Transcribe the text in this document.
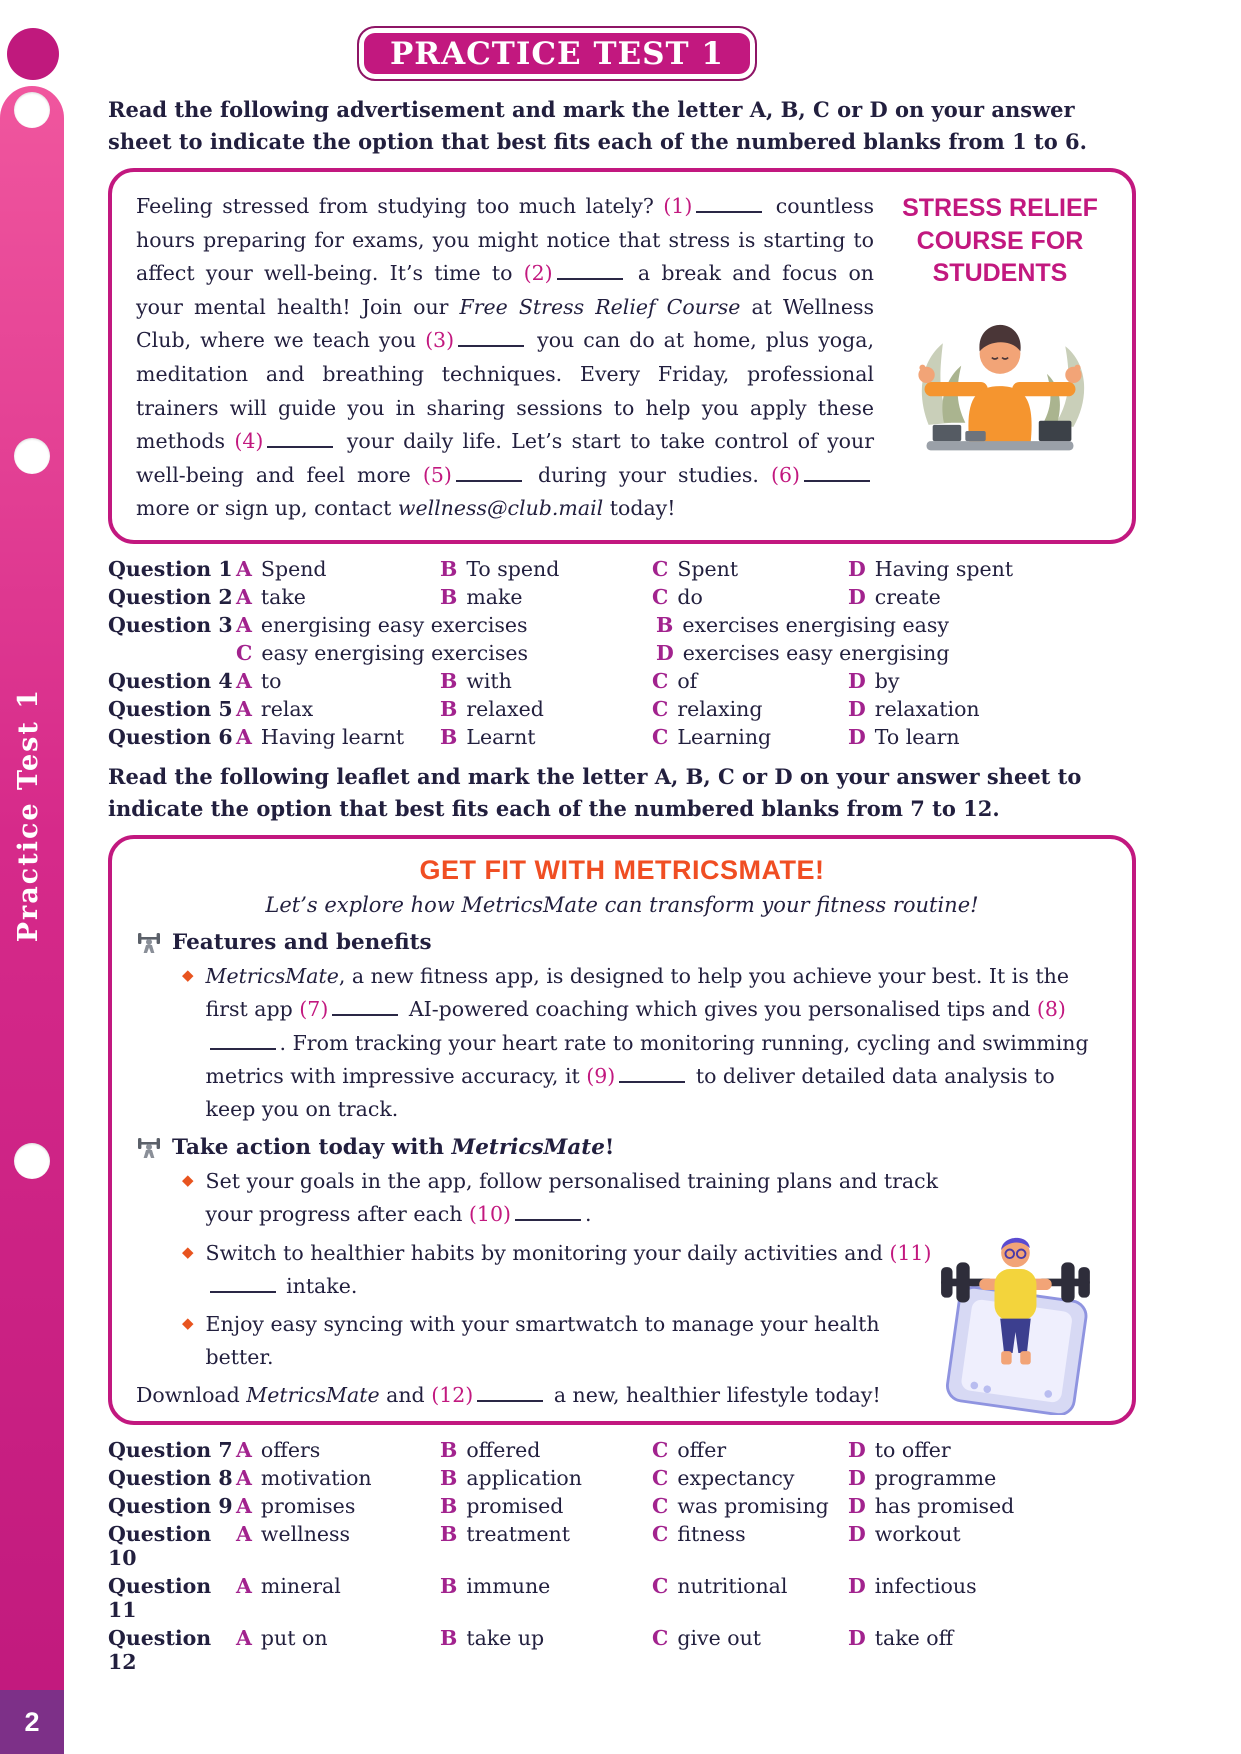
Practice Test 1
2
PRACTICE TEST 1

Read the following advertisement and mark the letter A, B, C or D on your answer sheet to indicate the option that best fits each of the numbered blanks from 1 to 6.

Feeling stressed from studying too much lately? (1)	countless hours preparing for exams, you might notice that stress is starting to affect your well-being. It’s time to (2)	a break and focus on your mental health! Join our Free Stress Relief Course at Wellness Club, where we teach you (3)	you can do at home, plus yoga, meditation and breathing techniques. Every Friday, professional trainers will guide you in sharing sessions to help you apply these methods (4)	your daily life. Let’s start to take control of your well-being and feel more (5)	during your studies. (6) more or sign up, contact wellness@club.mail today!
STRESS RELIEF COURSE FOR STUDENTS
Question 1 A Spend	B To spend	C Spent	D Having spent
Question 2 A take	B make	C do	D create
Question 3 A energising easy exercises	B exercises energising easy
C easy energising exercises	D exercises easy energising
Question 4 A to	B with	C of	D by
Question 5 A relax	B relaxed	C relaxing	D relaxation
Question 6 A Having learnt	B Learnt	C Learning	D To learn

Read the following leaflet and mark the letter A, B, C or D on your answer sheet to indicate the option that best fits each of the numbered blanks from 7 to 12.

GET FIT WITH METRICSMATE!
Let’s explore how MetricsMate can transform your fitness routine!
Features and benefits
◆ MetricsMate, a new fitness app, is designed to help you achieve your best. It is the first app (7)	AI-powered coaching which gives you personalised tips and (8). From tracking your heart rate to monitoring running, cycling and swimming metrics with impressive accuracy, it (9)	to deliver detailed data analysis to keep you on track.
Take action today with MetricsMate!
◆ Set your goals in the app, follow personalised training plans and track your progress after each (10)	.
◆ Switch to healthier habits by monitoring your daily activities and (11) intake.
◆ Enjoy easy syncing with your smartwatch to manage your health better.
Download MetricsMate and (12)	a new, healthier lifestyle today!
Question 7 A offers	B offered	C offer	D to offer
Question 8 A motivation	B application	C expectancy	D programme
Question 9 A promises	B promised	C was promising D has promised
Question 10
A wellness	B treatment	C fitness	D workout
Question 11
A mineral	B immune	C nutritional	D infectious
Question 12
A put on	B take up	C give out	D take off
